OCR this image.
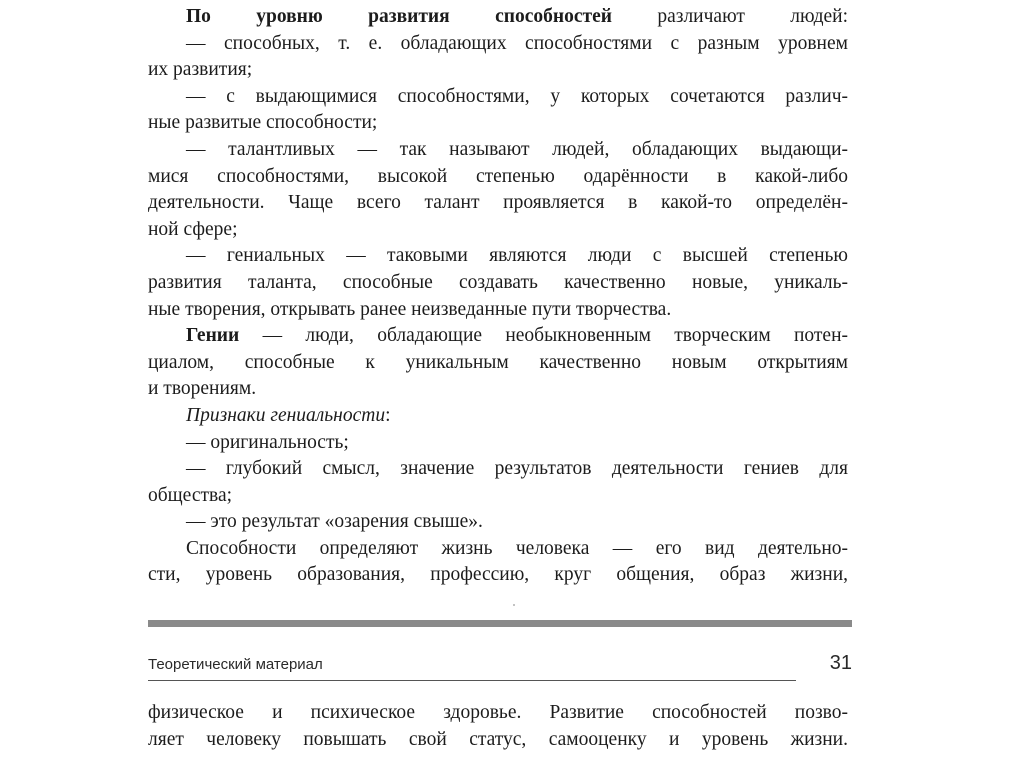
По уровню развития способностей различают людей:
— способных, т. е. обладающих способностями с разным уровнем
их развития;
— с выдающимися способностями, у которых сочетаются различ-
ные развитые способности;
— талантливых — так называют людей, обладающих выдающи-
мися способностями, высокой степенью одарённости в какой-либо
деятельности. Чаще всего талант проявляется в какой-то определён-
ной сфере;
— гениальных — таковыми являются люди с высшей степенью
развития таланта, способные создавать качественно новые, уникаль-
ные творения, открывать ранее неизведанные пути творчества.
Гении — люди, обладающие необыкновенным творческим потен-
циалом, способные к уникальным качественно новым открытиям
и творениям.
Признаки гениальности:
— оригинальность;
— глубокий смысл, значение результатов деятельности гениев для
общества;
— это результат «озарения свыше».
Способности определяют жизнь человека — его вид деятельно-
сти, уровень образования, профессию, круг общения, образ жизни,
Теоретический материал	31
физическое и психическое здоровье. Развитие способностей позво-
ляет человеку повышать свой статус, самооценку и уровень жизни.
